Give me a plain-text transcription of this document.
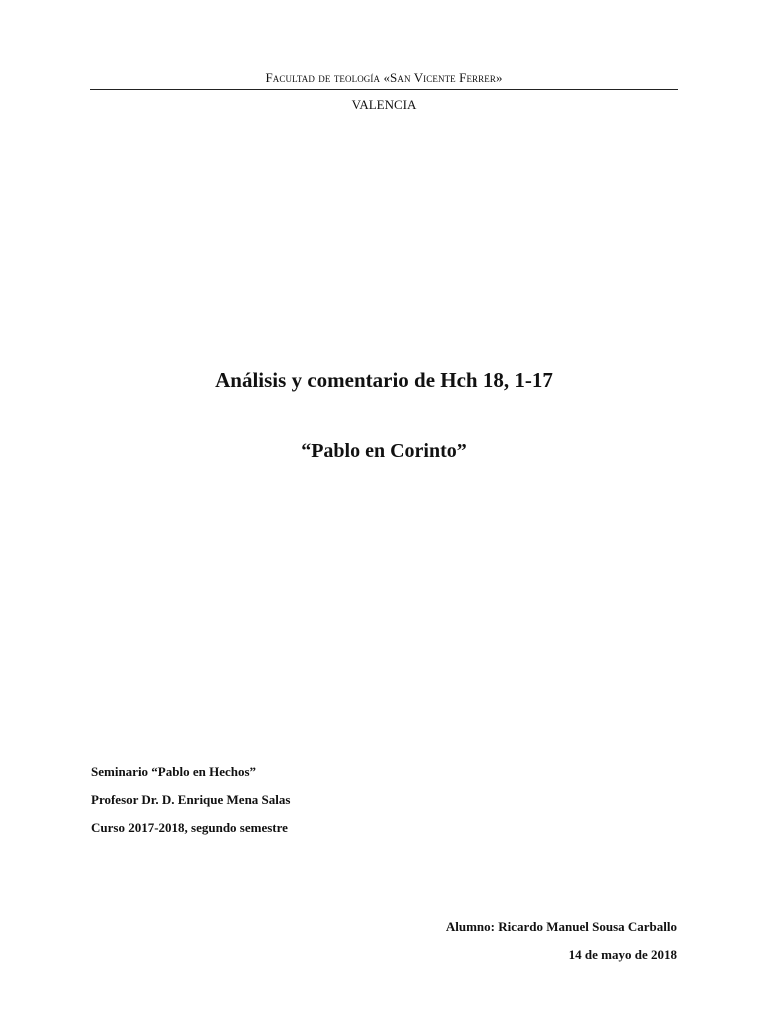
Facultad de teología «San Vicente Ferrer»
VALENCIA
Análisis y comentario de Hch 18, 1-17
“Pablo en Corinto”
Seminario “Pablo en Hechos”
Profesor Dr. D. Enrique Mena Salas
Curso 2017-2018, segundo semestre
Alumno: Ricardo Manuel Sousa Carballo
14 de mayo de 2018
